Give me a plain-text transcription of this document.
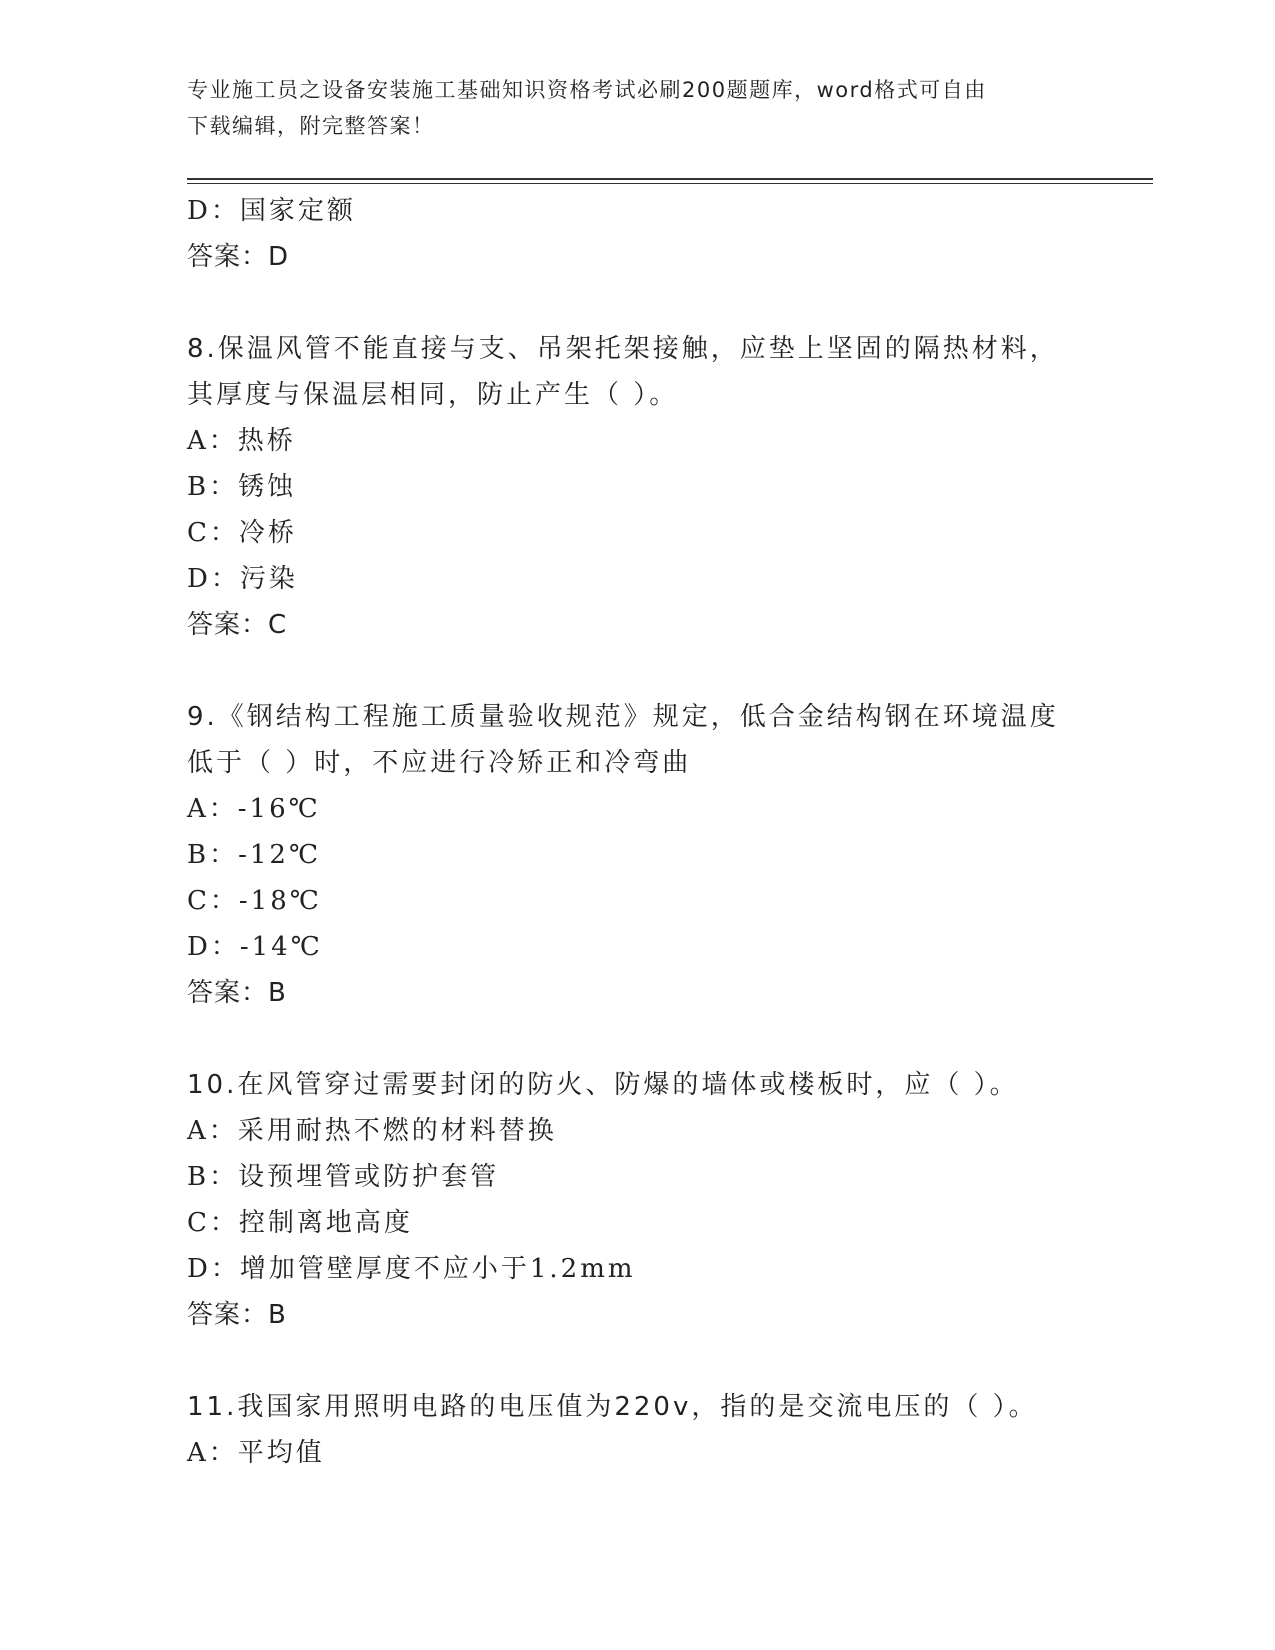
专业施工员之设备安装施工基础知识资格考试必刷200题题库，word格式可自由
下载编辑，附完整答案！
D：国家定额
答案：D
8.保温风管不能直接与支、吊架托架接触，应垫上坚固的隔热材料，
其厚度与保温层相同，防止产生（ ）。
A：热桥
B：锈蚀
C：冷桥
D：污染
答案：C
9.《钢结构工程施工质量验收规范》规定，低合金结构钢在环境温度
低于（ ）时，不应进行冷矫正和冷弯曲
A：-16℃
B：-12℃
C：-18℃
D：-14℃
答案：B
10.在风管穿过需要封闭的防火、防爆的墙体或楼板时，应（ ）。
A：采用耐热不燃的材料替换
B：设预埋管或防护套管
C：控制离地高度
D：增加管壁厚度不应小于1.2mm
答案：B
11.我国家用照明电路的电压值为220v，指的是交流电压的（ ）。
A：平均值
